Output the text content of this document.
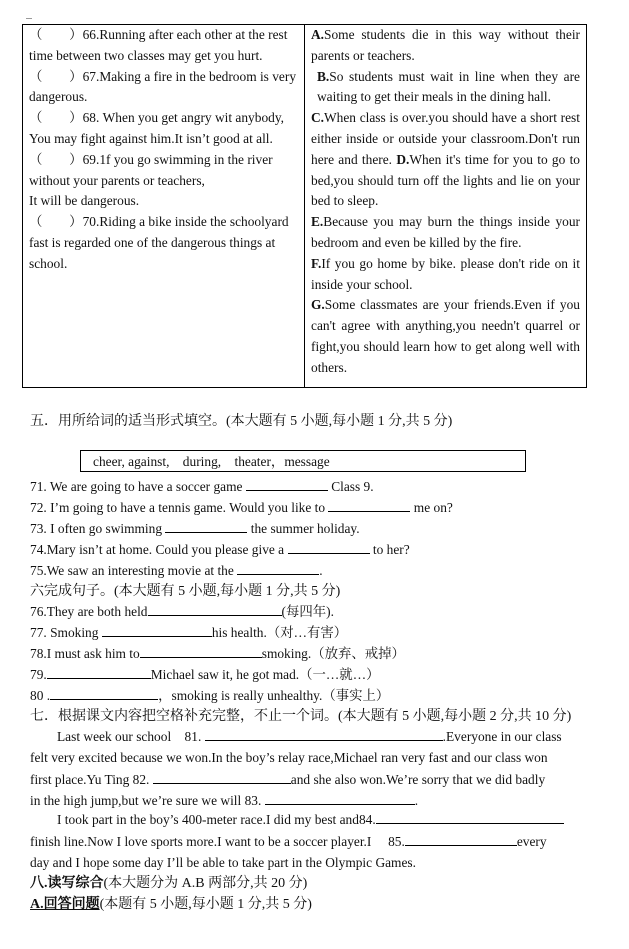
（　　）66.Running after each other at the rest time between two classes may get you hurt.
（　　）67.Making a fire in the bedroom is very dangerous.
（　　）68. When you get angry wit anybody, You may fight against him.It isn’t good at all.
（　　）69.1f you go swimming in the river without your parents or teachers,
It will be dangerous.
（　　）70.Riding a bike inside the schoolyard fast is regarded one of the dangerous things at school.

A.Some students die in this way without their parents or teachers.
B.So students must wait in line when they are waiting to get their meals in the dining hall.
C.When class is over.you should have a short rest either inside or outside your classroom.Don't run here and there. D.When it's time for you to go to bed,you should turn off the lights and lie on your bed to sleep.
E.Because you may burn the things inside your bedroom and even be killed by the fire.
F.If you go home by bike. please don't ride on it inside your school.
G.Some classmates are your friends.Even if you can't agree with anything,you needn't quarrel or fight,you should learn how to get along well with others.
五．用所给词的适当形式填空。(本大题有 5 小题,每小题 1 分,共 5 分)
cheer, against,　during,　theater，message
71. We are going to have a soccer game	Class 9.
72. I’m going to have a tennis game. Would you like to	me on?
73. I often go swimming	the summer holiday.
74.Mary isn’t at home. Could you please give a	to her?
75.We saw an interesting movie at the	.
六完成句子。(本大题有 5 小题,每小题 1 分,共 5 分)
76.They are both held	(每四年).
77. Smoking	his health.（对…有害）
78.I must ask him to	smoking.（放弃、戒掉）
79.	Michael saw it, he got mad.（一…就…）
80 .	，smoking is really unhealthy.（事实上）
七．根据课文内容把空格补充完整，不止一个词。(本大题有 5 小题,每小题 2 分,共 10 分)
Last week our school　81.	.Everyone in our class
felt very excited because we won.In the boy’s relay race,Michael ran very fast and our class won
first place.Yu Ting 82.	and she also won.We’re sorry that we did badly
in the high jump,but we’re sure we will 83.	.
I took part in the boy’s 400-meter race.I did my best and84.
finish line.Now I love sports more.I want to be a soccer player.I　 85.	every
day and I hope some day I’ll be able to take part in the Olympic Games.
八.读写综合(本大题分为 A.B 两部分,共 20 分)
A.回答问题(本题有 5 小题,每小题 1 分,共 5 分)
